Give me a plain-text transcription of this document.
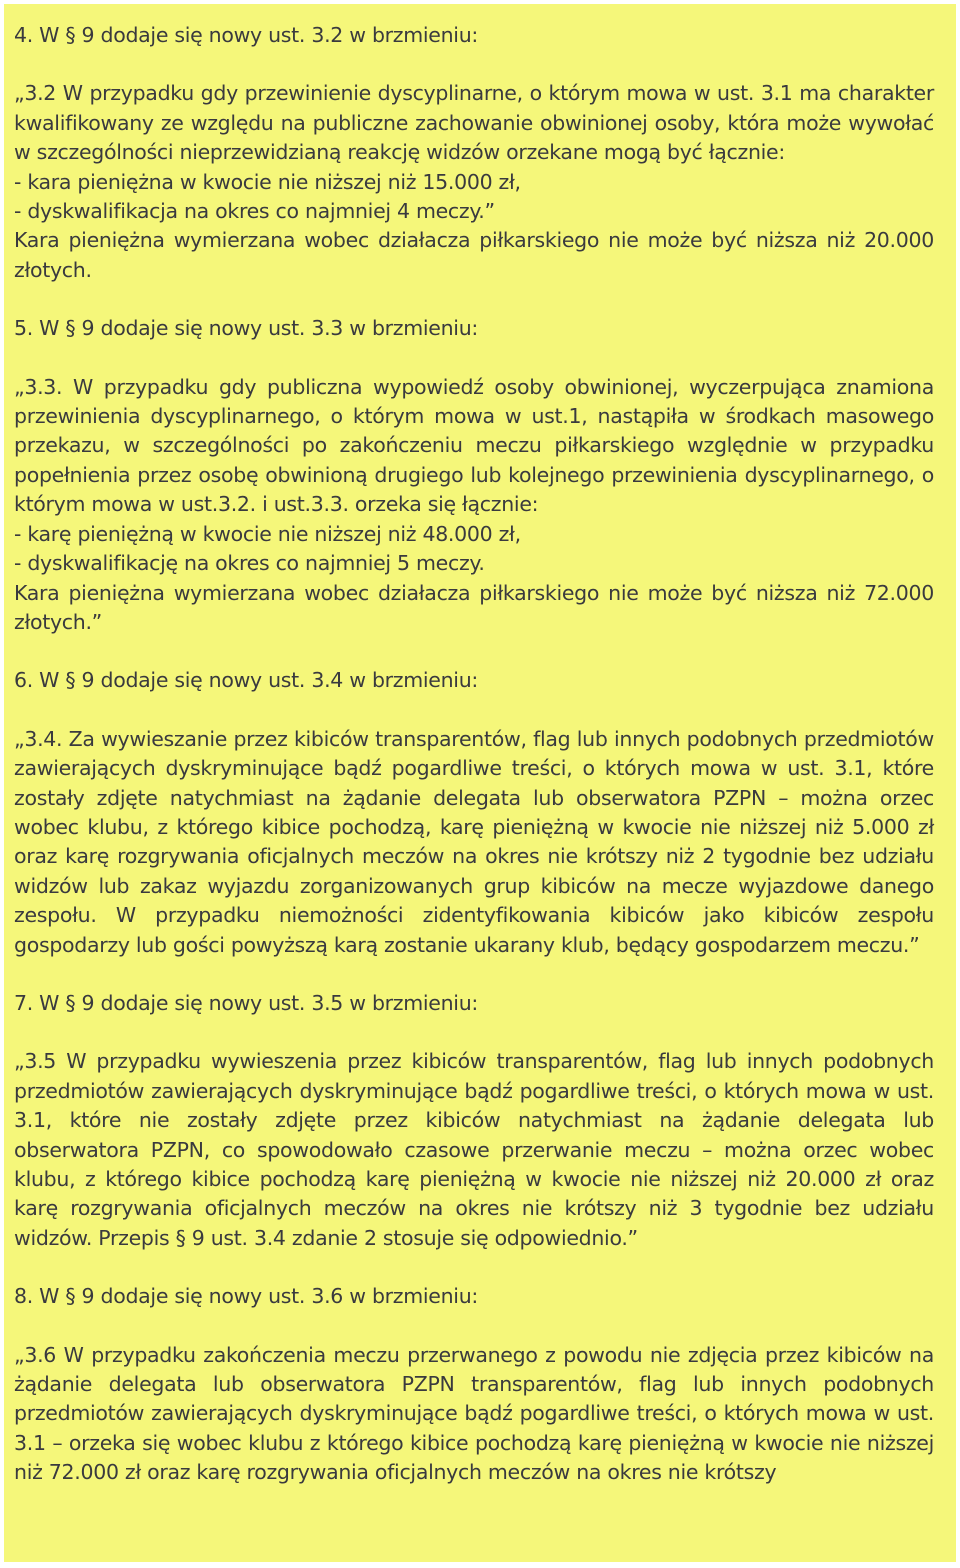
4. W § 9 dodaje się nowy ust. 3.2 w brzmieniu:

„3.2 W przypadku gdy przewinienie dyscyplinarne, o którym mowa w ust. 3.1 ma charakter kwalifikowany ze względu na publiczne zachowanie obwinionej osoby, która może wywołać w szczególności nieprzewidzianą reakcję widzów orzekane mogą być łącznie:

- kara pieniężna w kwocie nie niższej niż 15.000 zł,
- dyskwalifikacja na okres co najmniej 4 meczy.”

Kara pieniężna wymierzana wobec działacza piłkarskiego nie może być niższa niż 20.000 złotych.

5. W § 9 dodaje się nowy ust. 3.3 w brzmieniu:

„3.3. W przypadku gdy publiczna wypowiedź osoby obwinionej, wyczerpująca znamiona przewinienia dyscyplinarnego, o którym mowa w ust.1, nastąpiła w środkach masowego przekazu, w szczególności po zakończeniu meczu piłkarskiego względnie w przypadku popełnienia przez osobę obwinioną drugiego lub kolejnego przewinienia dyscyplinarnego, o którym mowa w ust.3.2. i ust.3.3. orzeka się łącznie:

- karę pieniężną w kwocie nie niższej niż 48.000 zł,
- dyskwalifikację na okres co najmniej 5 meczy.

Kara pieniężna wymierzana wobec działacza piłkarskiego nie może być niższa niż 72.000 złotych.”

6. W § 9 dodaje się nowy ust. 3.4 w brzmieniu:

„3.4. Za wywieszanie przez kibiców transparentów, flag lub innych podobnych przedmiotów zawierających dyskryminujące bądź pogardliwe treści, o których mowa w ust. 3.1, które zostały zdjęte natychmiast na żądanie delegata lub obserwatora PZPN – można orzec wobec klubu, z którego kibice pochodzą, karę pieniężną w kwocie nie niższej niż 5.000 zł oraz karę rozgrywania oficjalnych meczów na okres nie krótszy niż 2 tygodnie bez udziału widzów lub zakaz wyjazdu zorganizowanych grup kibiców na mecze wyjazdowe danego zespołu. W przypadku niemożności zidentyfikowania kibiców jako kibiców zespołu gospodarzy lub gości powyższą karą zostanie ukarany klub, będący gospodarzem meczu.”

7. W § 9 dodaje się nowy ust. 3.5 w brzmieniu:

„3.5 W przypadku wywieszenia przez kibiców transparentów, flag lub innych podobnych przedmiotów zawierających dyskryminujące bądź pogardliwe treści, o których mowa w ust. 3.1, które nie zostały zdjęte przez kibiców natychmiast na żądanie delegata lub obserwatora PZPN, co spowodowało czasowe przerwanie meczu – można orzec wobec klubu, z którego kibice pochodzą karę pieniężną w kwocie nie niższej niż 20.000 zł oraz karę rozgrywania oficjalnych meczów na okres nie krótszy niż 3 tygodnie bez udziału widzów. Przepis § 9 ust. 3.4 zdanie 2 stosuje się odpowiednio.”

8. W § 9 dodaje się nowy ust. 3.6 w brzmieniu:

„3.6 W przypadku zakończenia meczu przerwanego z powodu nie zdjęcia przez kibiców na żądanie delegata lub obserwatora PZPN transparentów, flag lub innych podobnych przedmiotów zawierających dyskryminujące bądź pogardliwe treści, o których mowa w ust. 3.1 – orzeka się wobec klubu z którego kibice pochodzą karę pieniężną w kwocie nie niższej niż 72.000 zł oraz karę rozgrywania oficjalnych meczów na okres nie krótszy
